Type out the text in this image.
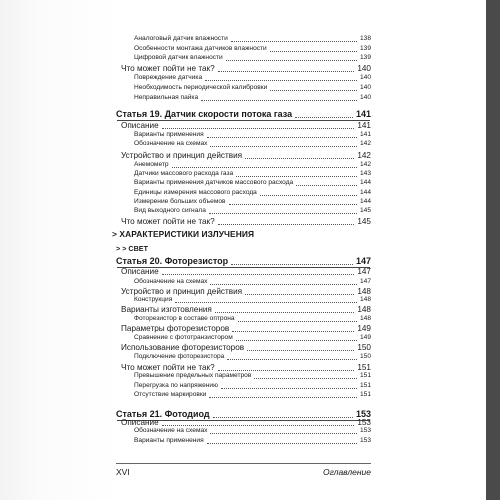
Аналоговый датчик влажности	138
Особенности монтажа датчиков влажности	139
Цифровой датчик влажности	139
Что может пойти не так?	140
Повреждение датчика	140
Необходимость периодической калибровки	140
Неправильная пайка	140
Статья 19. Датчик скорости потока газа	141
Описание	141
Варианты применения	141
Обозначение на схемах	142
Устройство и принцип действия	142
Анемометр	142
Датчики массового расхода газа	143
Варианты применения датчиков массового расхода	144
Единицы измерения массового расхода	144
Измерение больших объемов	144
Вид выходного сигнала	145
Что может пойти не так?	145
Статья 20. Фоторезистор	147
Описание	147
Обозначение на схемах	147
Устройство и принцип действия	148
Конструкция	148
Варианты изготовления	148
Фоторезистор в составе оптрона	148
Параметры фоторезисторов	149
Сравнение с фототранзистором	149
Использование фоторезисторов	150
Подключение фоторезистора	150
Что может пойти не так?	151
Превышение предельных параметров	151
Перегрузка по напряжению	151
Отсутствие маркировки	151
Статья 21. Фотодиод	153
Описание	153
Обозначение на схемах	153
Варианты применения	153
> ХАРАКТЕРИСТИКИ ИЗЛУЧЕНИЯ
> > СВЕТ
XVI	Оглавление
